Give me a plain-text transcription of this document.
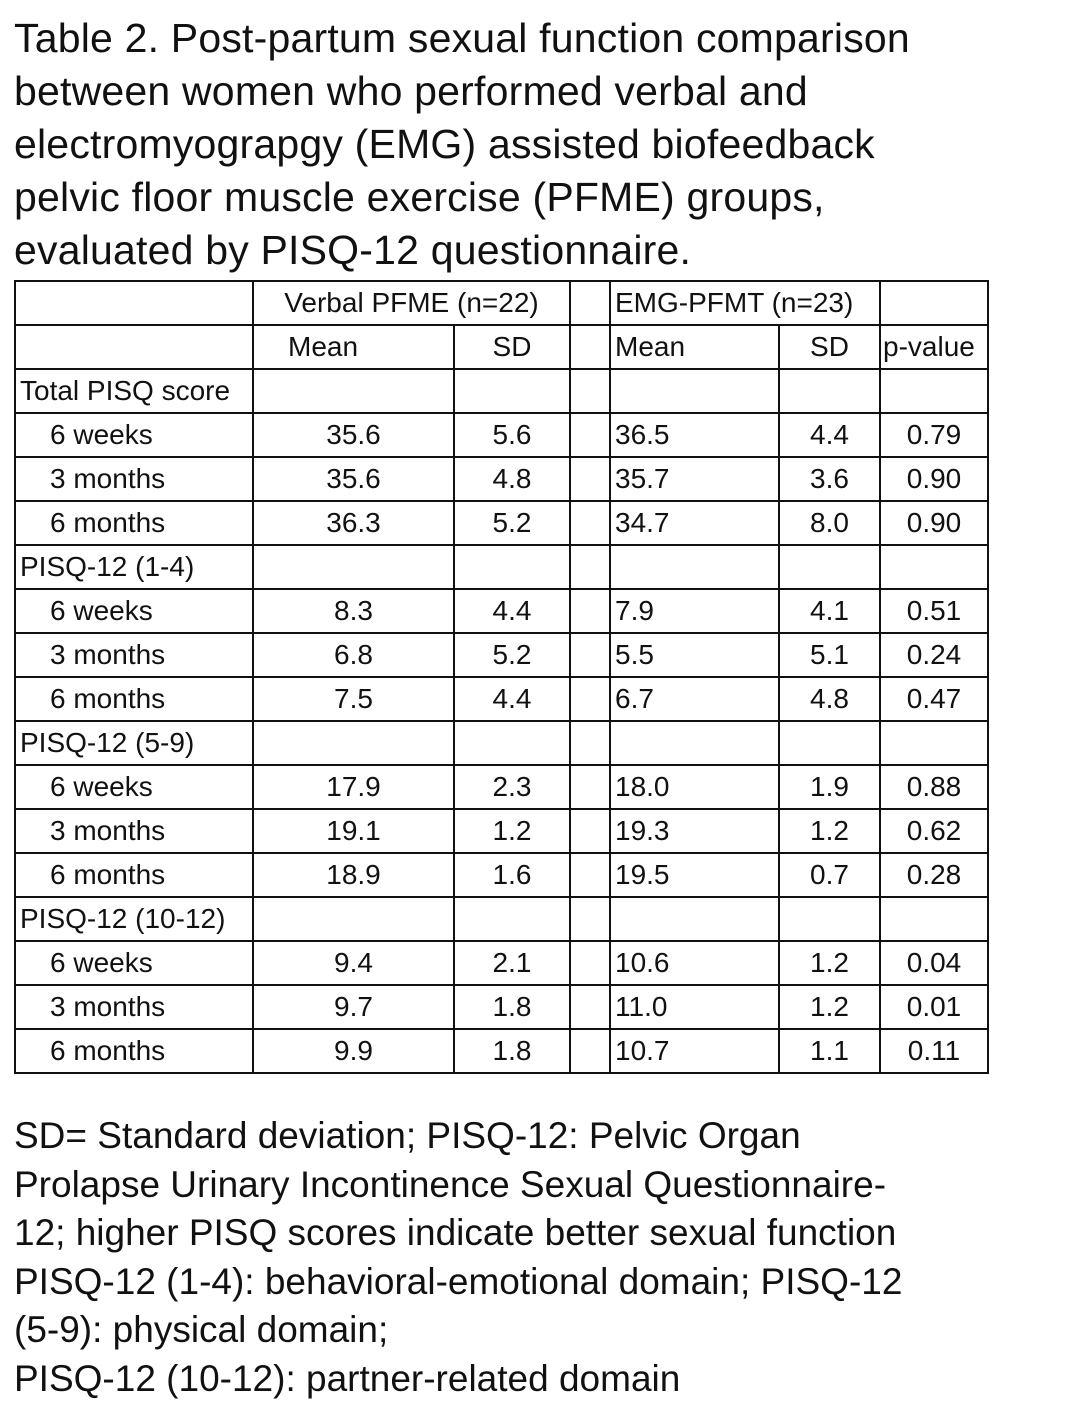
Table 2. Post-partum sexual function comparison
between women who performed verbal and
electromyograpgy (EMG) assisted biofeedback
pelvic floor muscle exercise (PFME) groups,
evaluated by PISQ-12 questionnaire.
	Verbal PFME (n=22)			EMG-PFMT (n=23)		
	Mean	SD		Mean	SD	p-value
Total PISQ score						
6 weeks	35.6	5.6		36.5	4.4	0.79
3 months	35.6	4.8		35.7	3.6	0.90
6 months	36.3	5.2		34.7	8.0	0.90
PISQ-12 (1-4)						
6 weeks	8.3	4.4		7.9	4.1	0.51
3 months	6.8	5.2		5.5	5.1	0.24
6 months	7.5	4.4		6.7	4.8	0.47
PISQ-12 (5-9)						
6 weeks	17.9	2.3		18.0	1.9	0.88
3 months	19.1	1.2		19.3	1.2	0.62
6 months	18.9	1.6		19.5	0.7	0.28
PISQ-12 (10-12)						
6 weeks	9.4	2.1		10.6	1.2	0.04
3 months	9.7	1.8		11.0	1.2	0.01
6 months	9.9	1.8		10.7	1.1	0.11
SD= Standard deviation; PISQ-12: Pelvic Organ
Prolapse Urinary Incontinence Sexual Questionnaire-
12; higher PISQ scores indicate better sexual function
PISQ-12 (1-4): behavioral-emotional domain; PISQ-12
(5-9): physical domain;
PISQ-12 (10-12): partner-related domain
